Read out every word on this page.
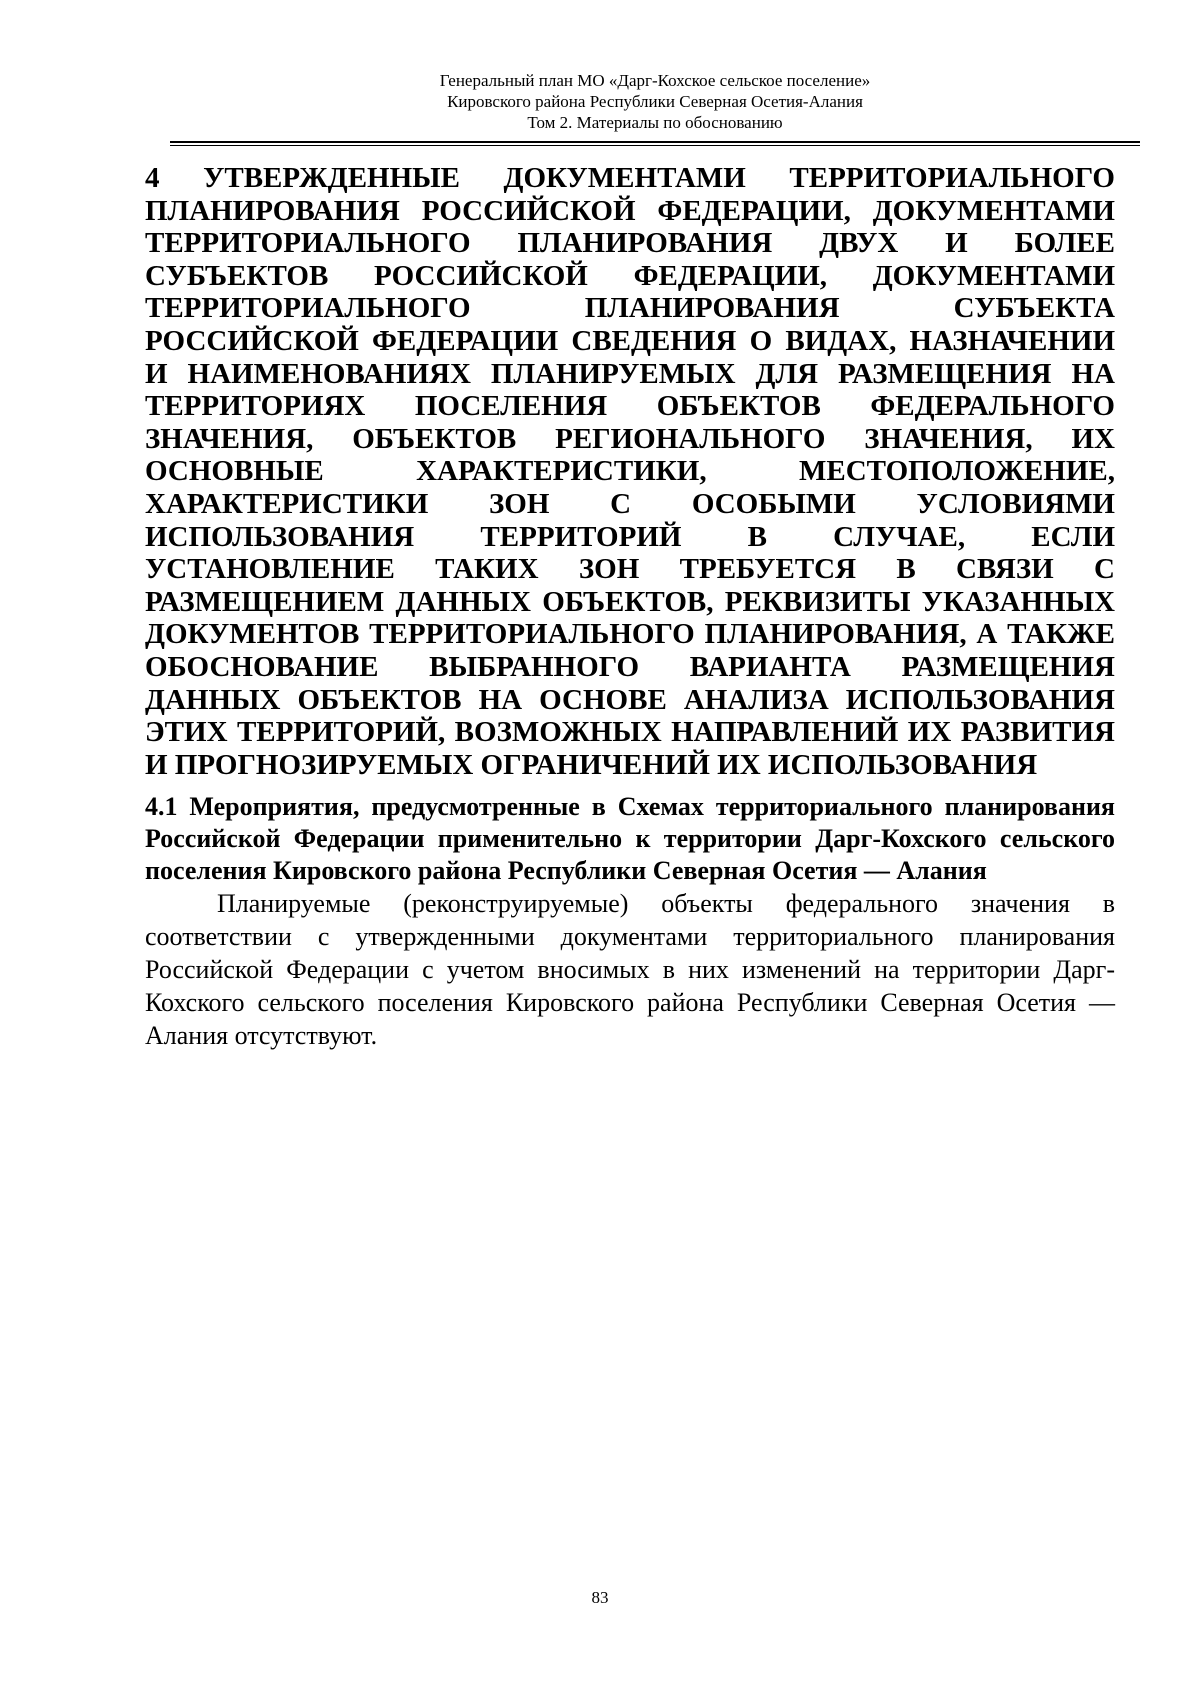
Генеральный план МО «Дарг-Кохское сельское поселение»
Кировского района Республики Северная Осетия-Алания
Том 2. Материалы по обоснованию
4 УТВЕРЖДЕННЫЕ ДОКУМЕНТАМИ ТЕРРИТОРИАЛЬНОГО ПЛАНИРОВАНИЯ РОССИЙСКОЙ ФЕДЕРАЦИИ, ДОКУМЕНТАМИ ТЕРРИТОРИАЛЬНОГО ПЛАНИРОВАНИЯ ДВУХ И БОЛЕЕ СУБЪЕКТОВ РОССИЙСКОЙ ФЕДЕРАЦИИ, ДОКУМЕНТАМИ ТЕРРИТОРИАЛЬНОГО ПЛАНИРОВАНИЯ СУБЪЕКТА РОССИЙСКОЙ ФЕДЕРАЦИИ СВЕДЕНИЯ О ВИДАХ, НАЗНАЧЕНИИ И НАИМЕНОВАНИЯХ ПЛАНИРУЕМЫХ ДЛЯ РАЗМЕЩЕНИЯ НА ТЕРРИТОРИЯХ ПОСЕЛЕНИЯ ОБЪЕКТОВ ФЕДЕРАЛЬНОГО ЗНАЧЕНИЯ, ОБЪЕКТОВ РЕГИОНАЛЬНОГО ЗНАЧЕНИЯ, ИХ ОСНОВНЫЕ ХАРАКТЕРИСТИКИ, МЕСТОПОЛОЖЕНИЕ, ХАРАКТЕРИСТИКИ ЗОН С ОСОБЫМИ УСЛОВИЯМИ ИСПОЛЬЗОВАНИЯ ТЕРРИТОРИЙ В СЛУЧАЕ, ЕСЛИ УСТАНОВЛЕНИЕ ТАКИХ ЗОН ТРЕБУЕТСЯ В СВЯЗИ С РАЗМЕЩЕНИЕМ ДАННЫХ ОБЪЕКТОВ, РЕКВИЗИТЫ УКАЗАННЫХ ДОКУМЕНТОВ ТЕРРИТОРИАЛЬНОГО ПЛАНИРОВАНИЯ, А ТАКЖЕ ОБОСНОВАНИЕ ВЫБРАННОГО ВАРИАНТА РАЗМЕЩЕНИЯ ДАННЫХ ОБЪЕКТОВ НА ОСНОВЕ АНАЛИЗА ИСПОЛЬЗОВАНИЯ ЭТИХ ТЕРРИТОРИЙ, ВОЗМОЖНЫХ НАПРАВЛЕНИЙ ИХ РАЗВИТИЯ И ПРОГНОЗИРУЕМЫХ ОГРАНИЧЕНИЙ ИХ ИСПОЛЬЗОВАНИЯ
4.1 Мероприятия, предусмотренные в Схемах территориального планирования Российской Федерации применительно к территории Дарг-Кохского сельского поселения Кировского района Республики Северная Осетия — Алания

Планируемые (реконструируемые) объекты федерального значения в соответствии с утвержденными документами территориального планирования Российской Федерации с учетом вносимых в них изменений на территории Дарг-Кохского сельского поселения Кировского района Республики Северная Осетия — Алания отсутствуют.

83
